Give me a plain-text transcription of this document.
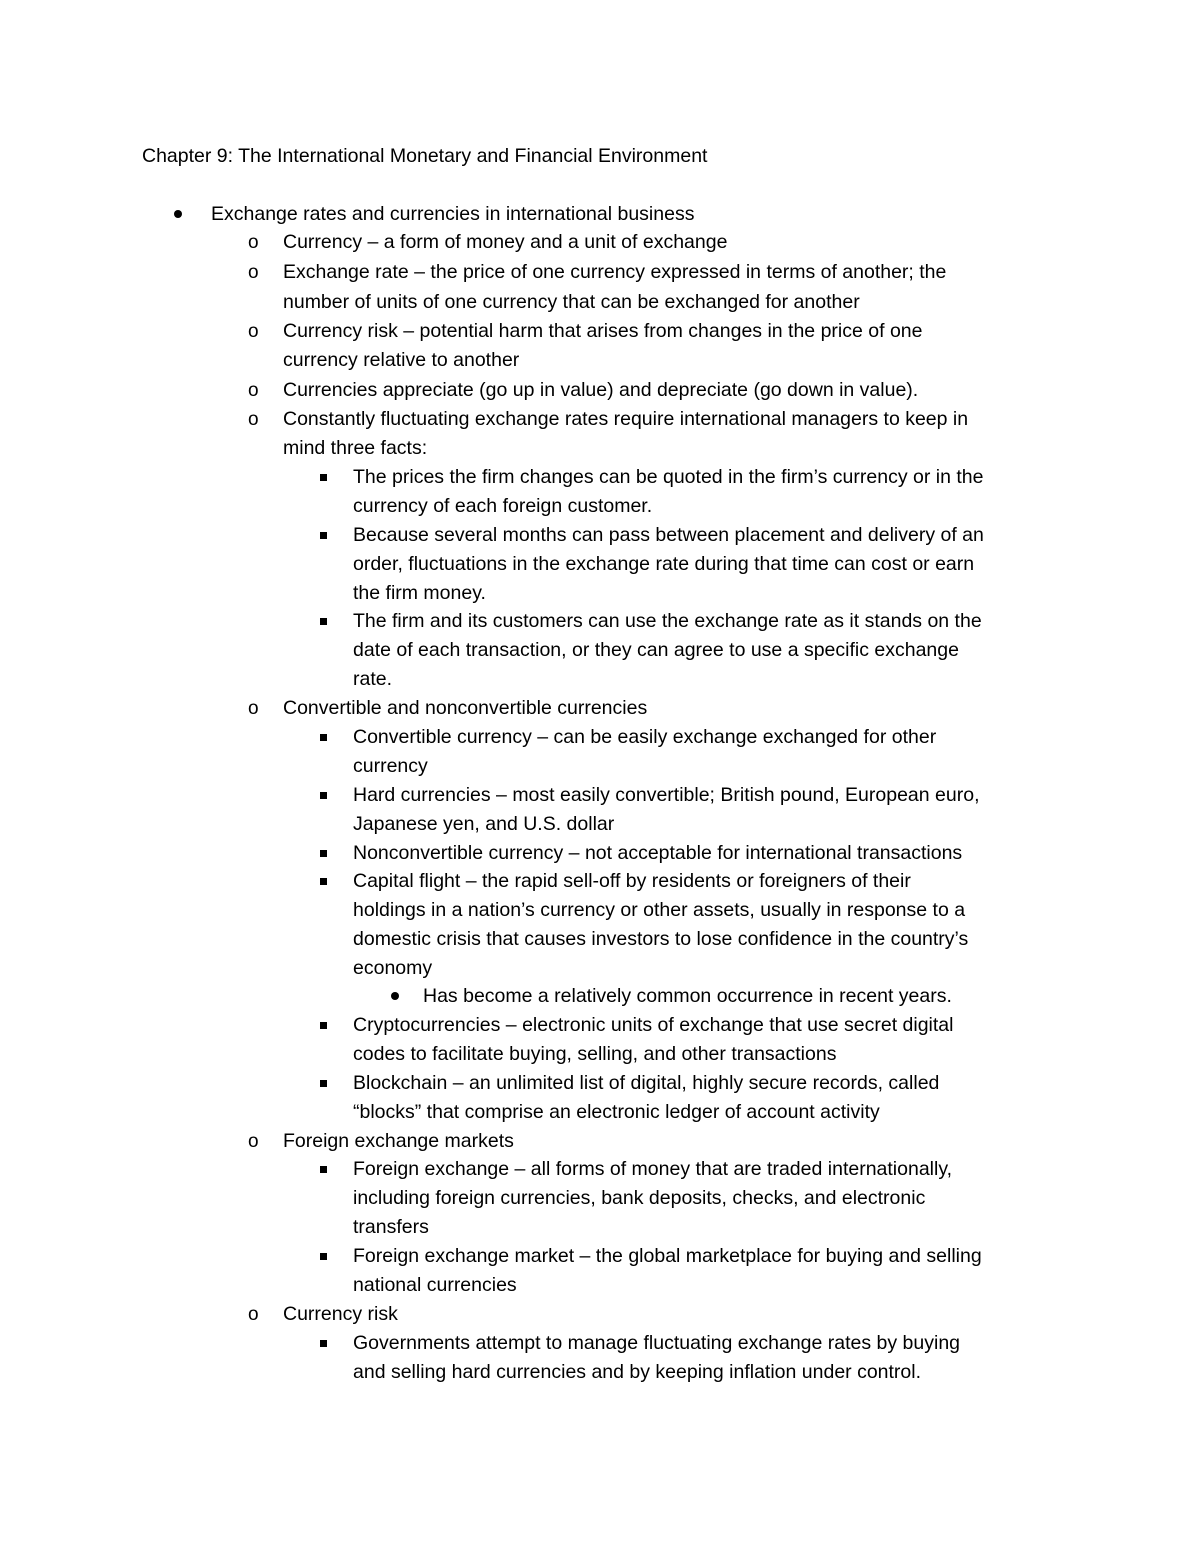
Chapter 9: The International Monetary and Financial Environment
Exchange rates and currencies in international business
o Currency – a form of money and a unit of exchange
o Exchange rate – the price of one currency expressed in terms of another; the
number of units of one currency that can be exchanged for another
o Currency risk – potential harm that arises from changes in the price of one
currency relative to another
o Currencies appreciate (go up in value) and depreciate (go down in value).
o Constantly fluctuating exchange rates require international managers to keep in
mind three facts:
The prices the firm changes can be quoted in the firm’s currency or in the
currency of each foreign customer.
Because several months can pass between placement and delivery of an
order, fluctuations in the exchange rate during that time can cost or earn
the firm money.
The firm and its customers can use the exchange rate as it stands on the
date of each transaction, or they can agree to use a specific exchange
rate.
o Convertible and nonconvertible currencies
Convertible currency – can be easily exchange exchanged for other
currency
Hard currencies – most easily convertible; British pound, European euro,
Japanese yen, and U.S. dollar
Nonconvertible currency – not acceptable for international transactions
Capital flight – the rapid sell-off by residents or foreigners of their
holdings in a nation’s currency or other assets, usually in response to a
domestic crisis that causes investors to lose confidence in the country’s
economy
Has become a relatively common occurrence in recent years.
Cryptocurrencies – electronic units of exchange that use secret digital
codes to facilitate buying, selling, and other transactions
Blockchain – an unlimited list of digital, highly secure records, called
“blocks” that comprise an electronic ledger of account activity
o Foreign exchange markets
Foreign exchange – all forms of money that are traded internationally,
including foreign currencies, bank deposits, checks, and electronic
transfers
Foreign exchange market – the global marketplace for buying and selling
national currencies
o Currency risk
Governments attempt to manage fluctuating exchange rates by buying
and selling hard currencies and by keeping inflation under control.
